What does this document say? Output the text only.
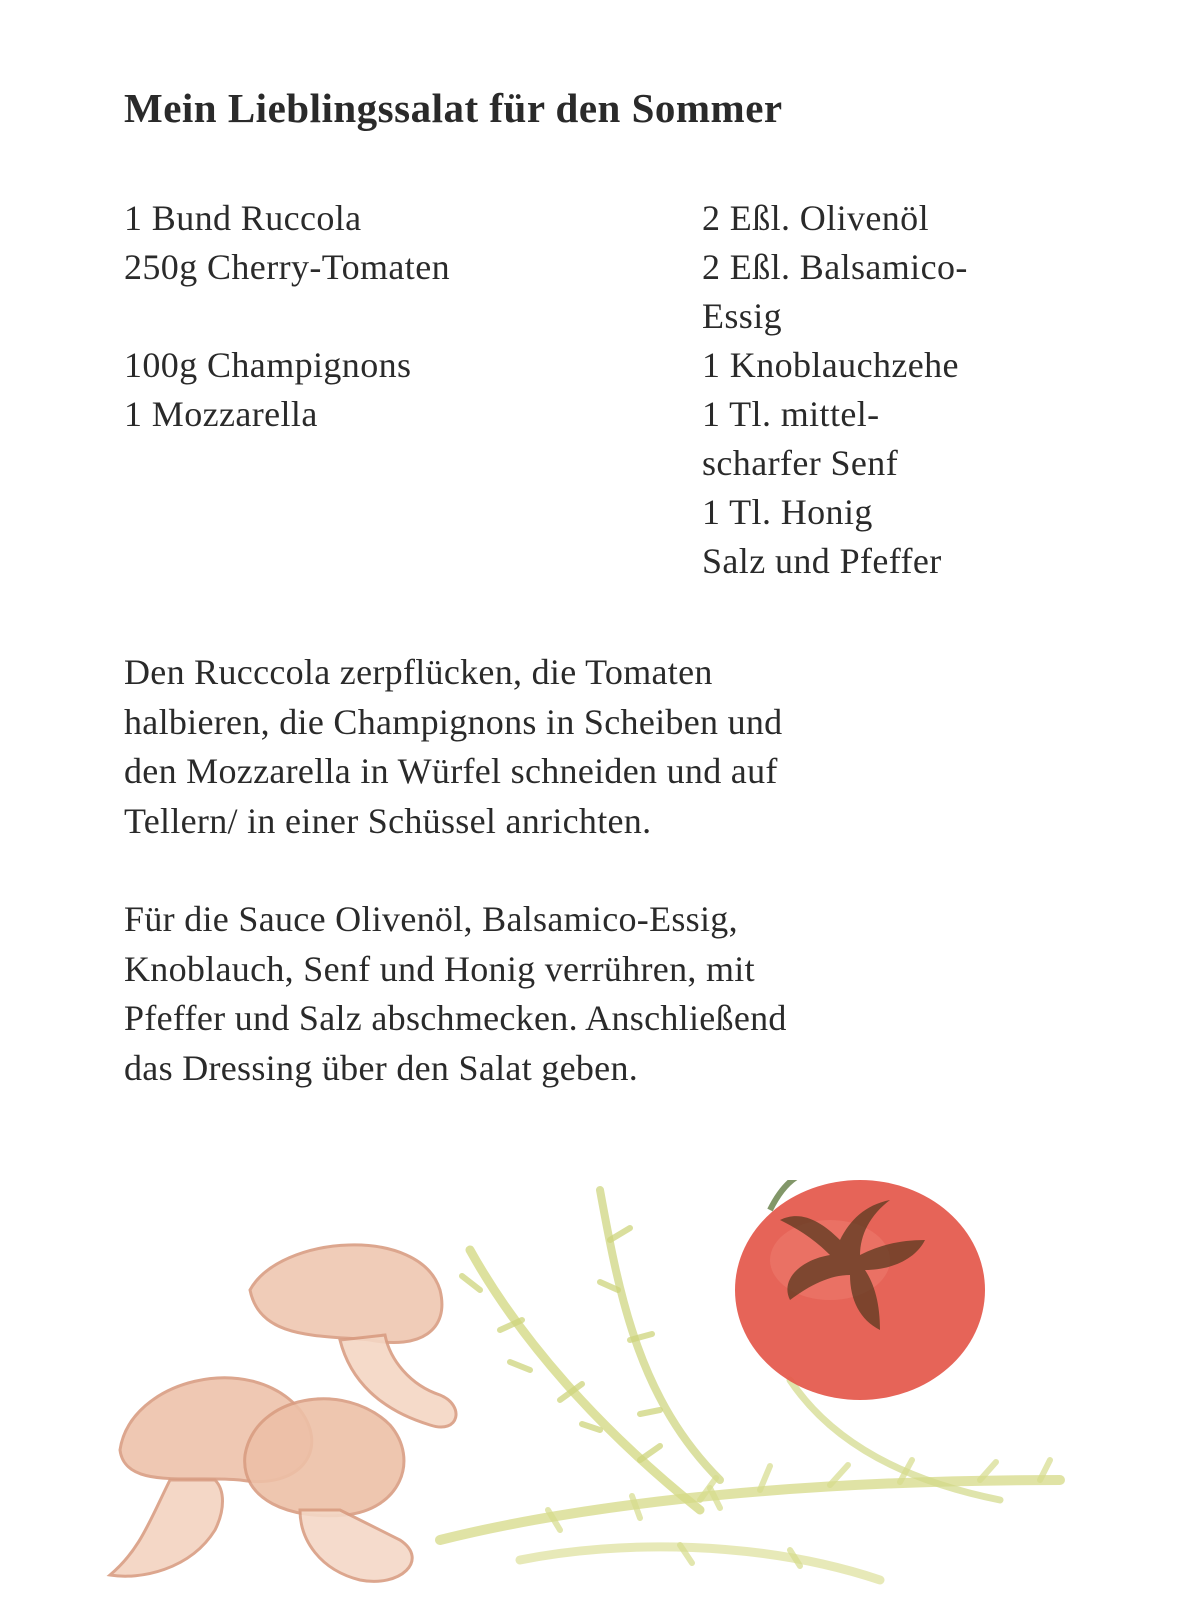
Mein Lieblingssalat für den Sommer
1 Bund Ruccola
250g Cherry-Tomaten
100g Champignons
1 Mozzarella
2 Eßl. Olivenöl
2 Eßl. Balsamico-
Essig
1 Knoblauchzehe
1 Tl. mittel-
scharfer Senf
1 Tl. Honig
Salz und Pfeffer

Den Rucccola zerpflücken, die Tomaten
halbieren, die Champignons in Scheiben und
den Mozzarella in Würfel schneiden und auf
Tellern/ in einer Schüssel anrichten.

Für die Sauce Olivenöl, Balsamico-Essig,
Knoblauch, Senf und Honig verrühren, mit
Pfeffer und Salz abschmecken. Anschließend
das Dressing über den Salat geben.
